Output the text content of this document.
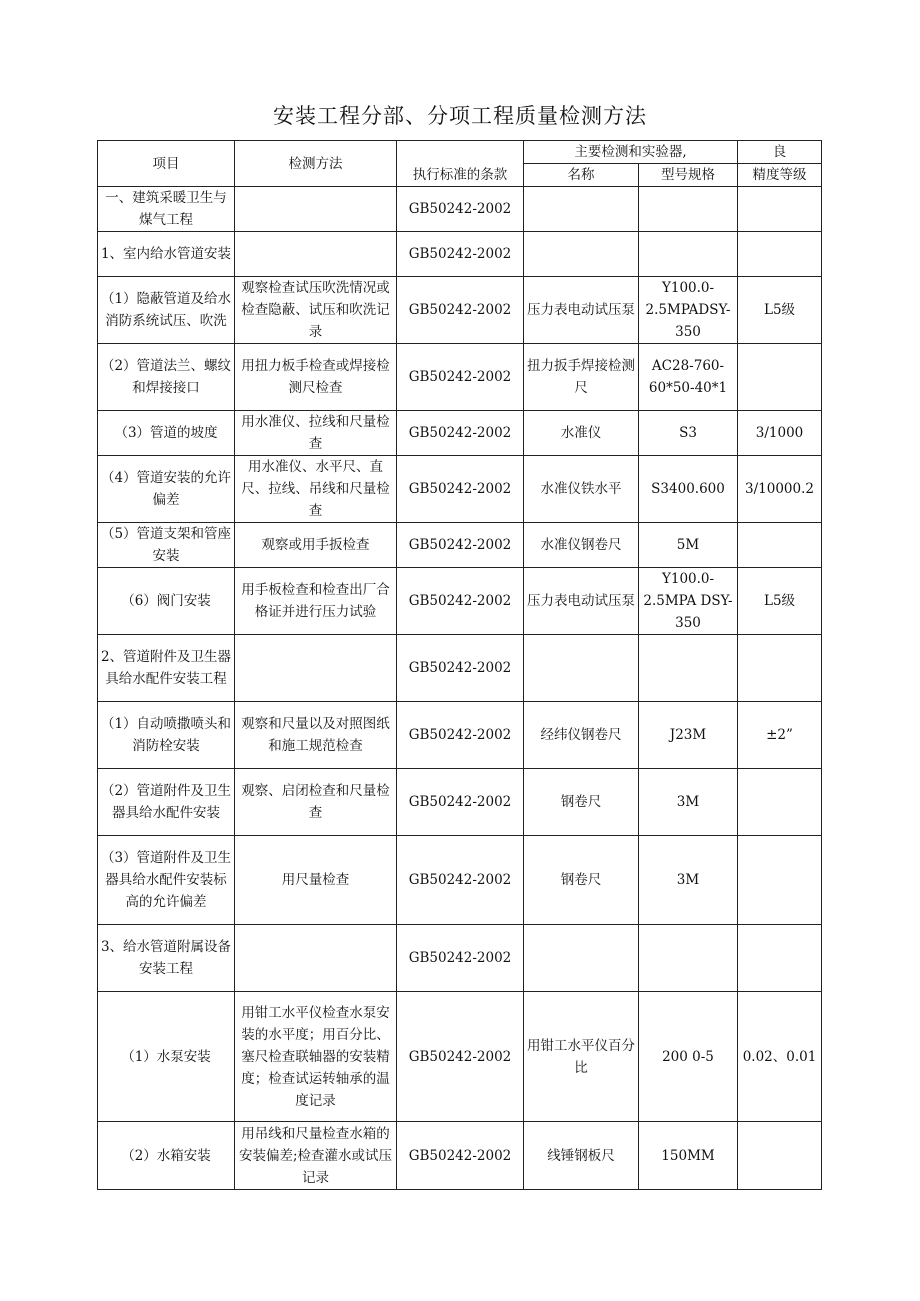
安装工程分部、分项工程质量检测方法
项目	检测方法	执行标准的条款	主要检测和实验器,		良
			名称	型号规格	精度等级
一、建筑采暖卫生与煤气工程		GB50242-2002			
1、室内给水管道安装		GB50242-2002			
（1）隐蔽管道及给水消防系统试压、吹洗	观察检查试压吹洗情况或检查隐蔽、试压和吹洗记录	GB50242-2002	压力表电动试压泵	Y100.0-2.5MPADSY-350	L5级
（2）管道法兰、螺纹和焊接接口	用扭力板手检查或焊接检测尺检查	GB50242-2002	扭力扳手焊接检测尺	AC28-760-60*50-40*1	
（3）管道的坡度	用水准仪、拉线和尺量检查	GB50242-2002	水准仪	S3	3/1000
（4）管道安装的允许偏差	用水准仪、水平尺、直尺、拉线、吊线和尺量检查	GB50242-2002	水准仪铁水平	S3400.600	3/10000.2
（5）管道支架和管座安装	观察或用手扳检查	GB50242-2002	水准仪钢卷尺	5M	
（6）阀门安装	用手板检查和检查出厂合格证并进行压力试验	GB50242-2002	压力表电动试压泵	Y100.0-2.5MPA DSY-350	L5级
2、管道附件及卫生器具给水配件安装工程		GB50242-2002			
（1）自动喷撒喷头和消防栓安装	观察和尺量以及对照图纸和施工规范检查	GB50242-2002	经纬仪钢卷尺	J23M	±2”
（2）管道附件及卫生器具给水配件安装	观察、启闭检查和尺量检查	GB50242-2002	钢卷尺	3M	
（3）管道附件及卫生器具给水配件安装标高的允许偏差	用尺量检查	GB50242-2002	钢卷尺	3M	
3、给水管道附属设备安装工程		GB50242-2002			
（1）水泵安装	用钳工水平仪检查水泵安装的水平度；用百分比、塞尺检查联轴器的安装精度；检查试运转轴承的温度记录	GB50242-2002	用钳工水平仪百分比	200 0-5	0.02、0.01
（2）水箱安装	用吊线和尺量检查水箱的安装偏差;检查灌水或试压记录	GB50242-2002	线锤钢板尺	150MM	
